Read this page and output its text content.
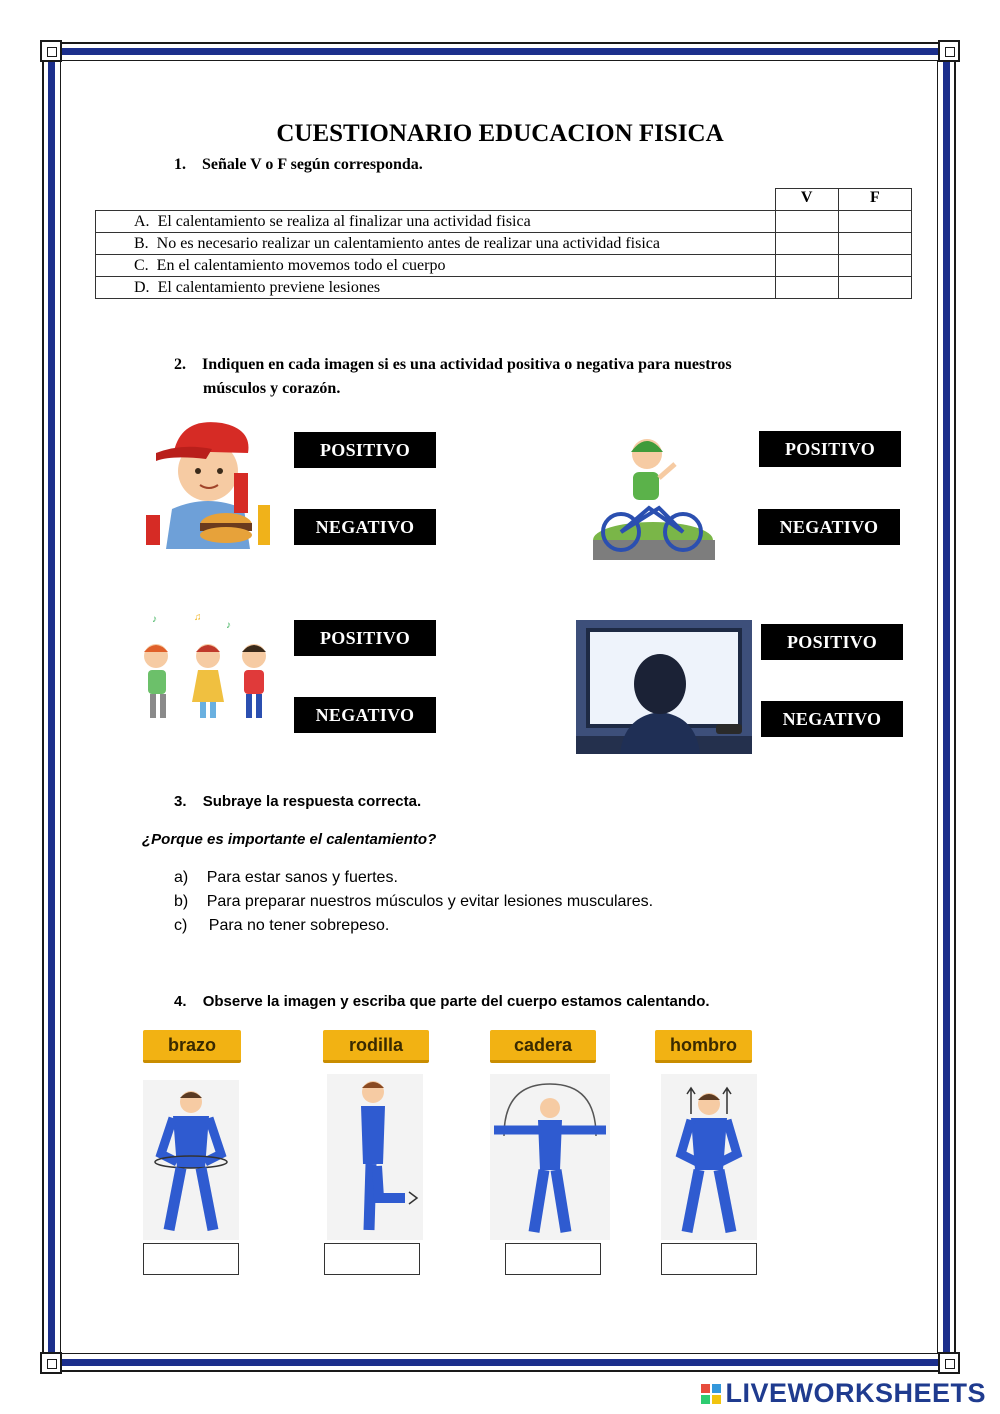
CUESTIONARIO EDUCACION FISICA
1. Señale V o F según corresponda.
	V	F
A. El calentamiento se realiza al finalizar una actividad fisica		
B. No es necesario realizar un calentamiento antes de realizar una actividad fisica		
C. En el calentamiento movemos todo el cuerpo		
D. El calentamiento previene lesiones		
2. Indiquen en cada imagen si es una actividad positiva o negativa para nuestros
músculos y corazón.
POSITIVO
NEGATIVO
POSITIVO
NEGATIVO
♪	♫
♪
POSITIVO
NEGATIVO
POSITIVO
NEGATIVO
3. Subraye la respuesta correcta.
¿Porque es importante el calentamiento?
a) Para estar sanos y fuertes.
b) Para preparar nuestros músculos y evitar lesiones musculares.
c) Para no tener sobrepeso.
4. Observe la imagen y escriba que parte del cuerpo estamos calentando.
brazo	rodilla	cadera	hombro
LIVEWORKSHEETS
